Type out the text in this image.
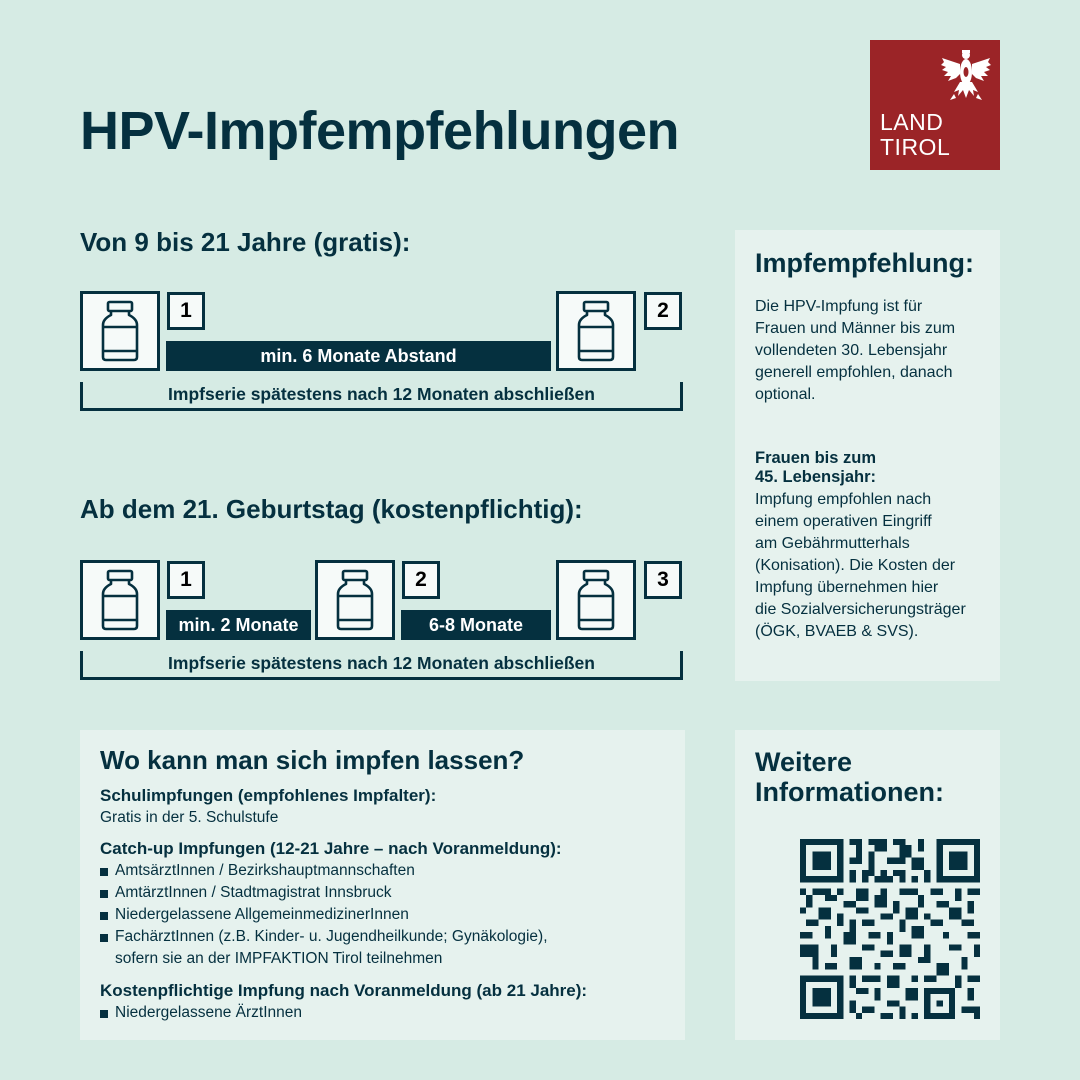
LAND
TIROL
HPV-Impfempfehlungen
Von 9 bis 21 Jahre (gratis):
1
min. 6 Monate Abstand
2
Impfserie spätestens nach 12 Monaten abschließen
Ab dem 21. Geburtstag (kostenpflichtig):
1
min. 2 Monate
2
6-8 Monate
3
Impfserie spätestens nach 12 Monaten abschließen
Impfempfehlung:
Die HPV-Impfung ist für
Frauen und Männer bis zum
vollendeten 30. Lebensjahr
generell empfohlen, danach
optional.
Frauen bis zum
45. Lebensjahr:
Impfung empfohlen nach
einem operativen Eingriff
am Gebährmutterhals
(Konisation). Die Kosten der
Impfung übernehmen hier
die Sozialversicherungsträger
(ÖGK, BVAEB & SVS).
Wo kann man sich impfen lassen?
Schulimpfungen (empfohlenes Impfalter):
Gratis in der 5. Schulstufe
Catch-up Impfungen (12-21 Jahre – nach Voranmeldung):
AmtsärztInnen / Bezirkshauptmannschaften
AmtärztInnen / Stadtmagistrat Innsbruck
Niedergelassene AllgemeinmedizinerInnen
FachärztInnen (z.B. Kinder- u. Jugendheilkunde; Gynäkologie),
sofern sie an der IMPFAKTION Tirol teilnehmen
Kostenpflichtige Impfung nach Voranmeldung (ab 21 Jahre):
Niedergelassene ÄrztInnen
Weitere
Informationen:
